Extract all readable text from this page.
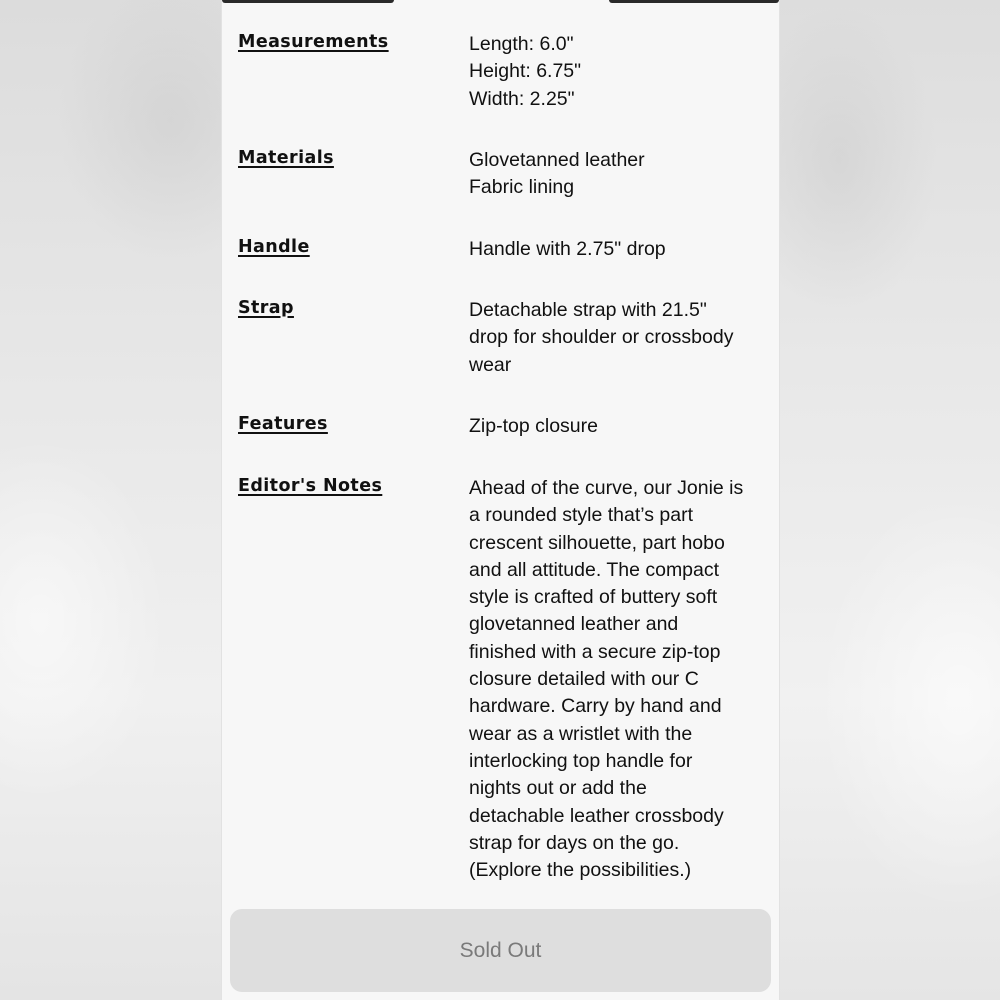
Measurements	Length: 6.0"
Height: 6.75"
Width: 2.25"
Materials	Glovetanned leather
Fabric lining
Handle	Handle with 2.75" drop
Strap	Detachable strap with 21.5"
drop for shoulder or crossbody
wear
Features	Zip-top closure
Editor's Notes	Ahead of the curve, our Jonie is
a rounded style that’s part
crescent silhouette, part hobo
and all attitude. The compact
style is crafted of buttery soft
glovetanned leather and
finished with a secure zip-top
closure detailed with our C
hardware. Carry by hand and
wear as a wristlet with the
interlocking top handle for
nights out or add the
detachable leather crossbody
strap for days on the go.
(Explore the possibilities.)
Sold Out
